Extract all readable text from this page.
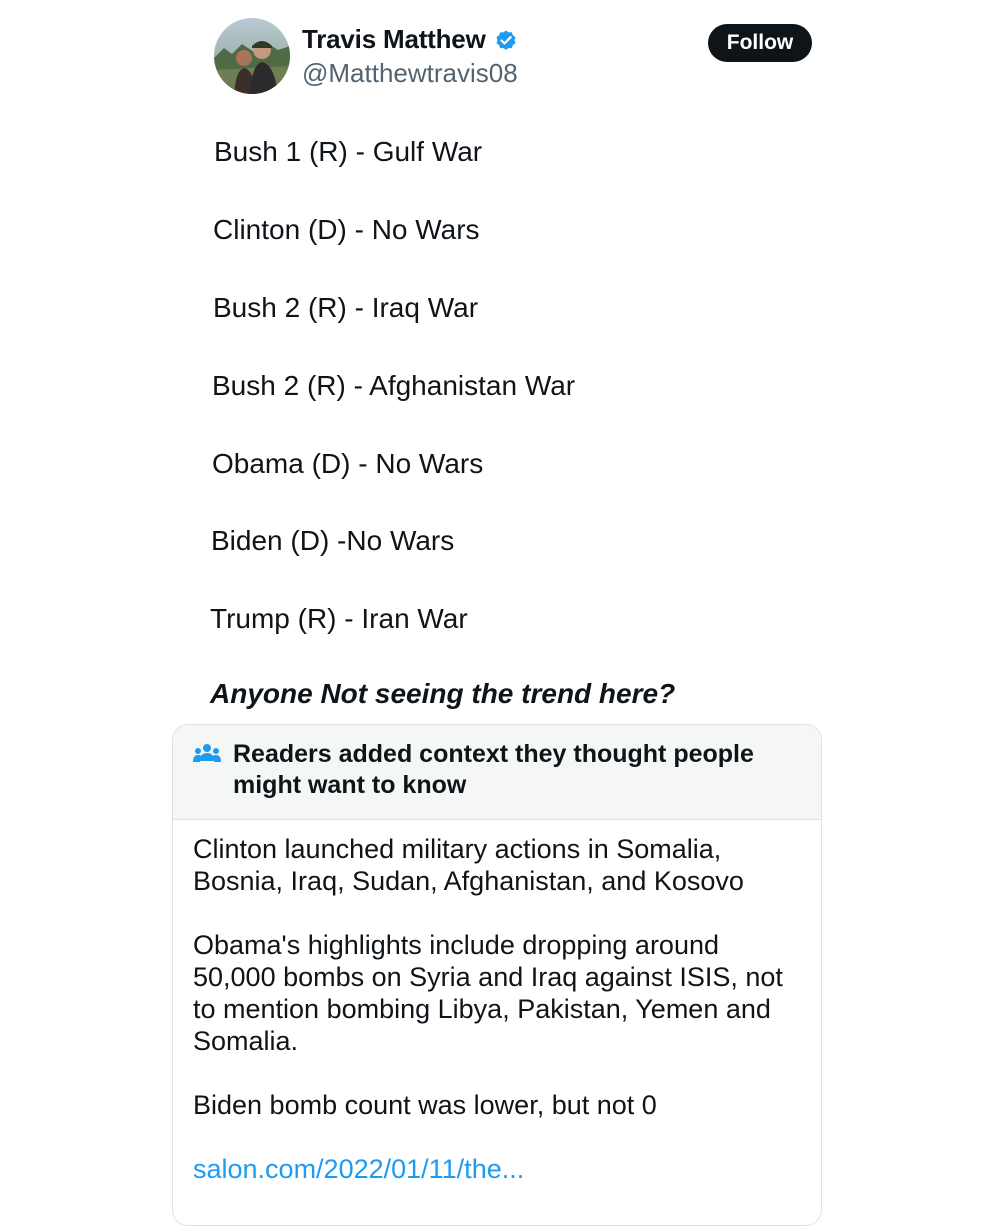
Travis Matthew
@Matthewtravis08
Follow
Bush 1 (R) - Gulf War
Clinton (D) - No Wars
Bush 2 (R) - Iraq War
Bush 2 (R) - Afghanistan War
Obama (D) - No Wars
Biden (D) -No Wars
Trump (R) - Iran War
Anyone Not seeing the trend here?
Readers added context they thought people might want to know

Clinton launched military actions in Somalia, Bosnia, Iraq, Sudan, Afghanistan, and Kosovo

Obama's highlights include dropping around 50,000 bombs on Syria and Iraq against ISIS, not to mention bombing Libya, Pakistan, Yemen and Somalia.

Biden bomb count was lower, but not 0

salon.com/2022/01/11/the...
